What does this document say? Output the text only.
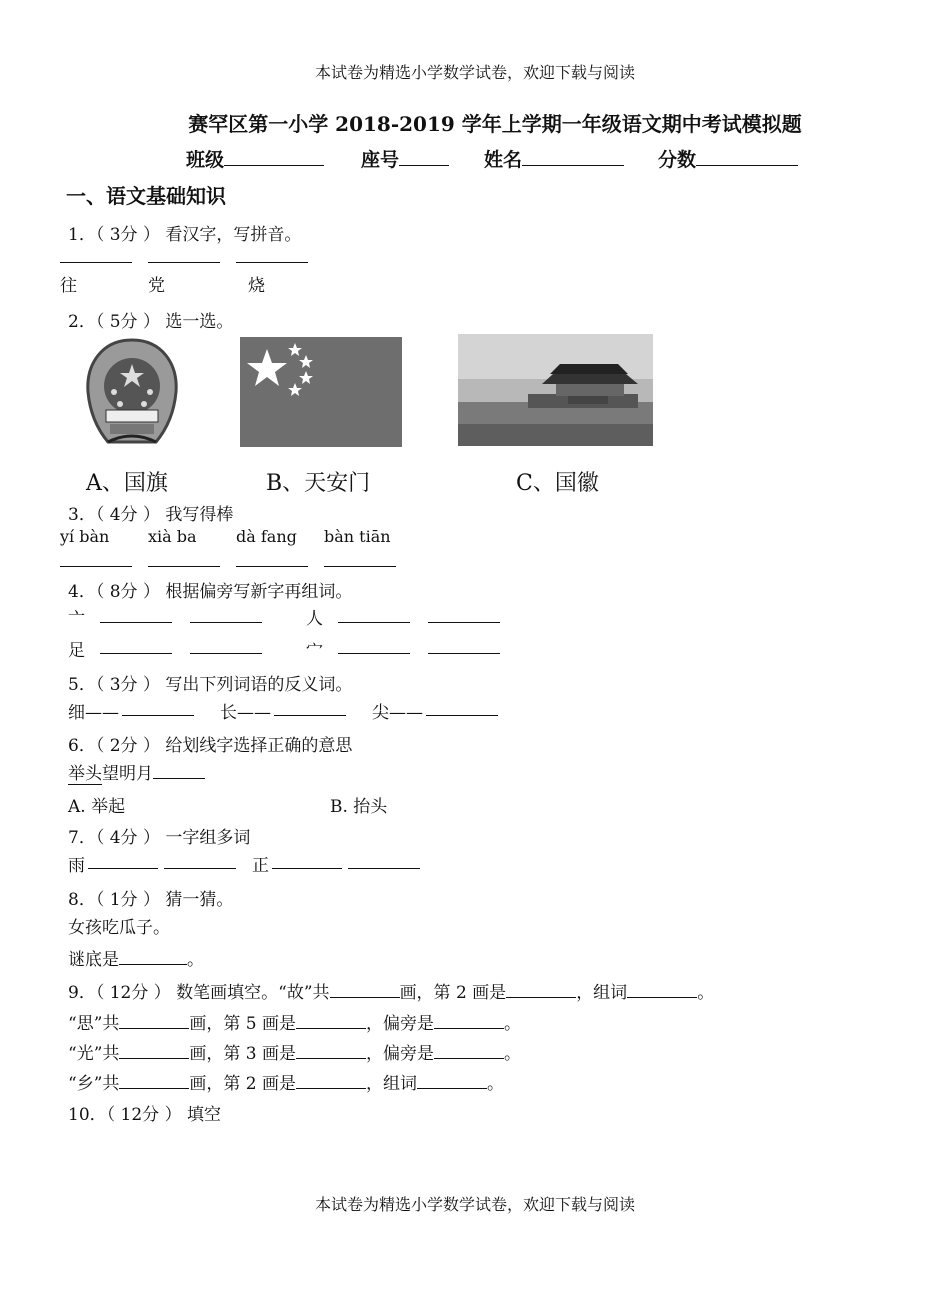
本试卷为精选小学数学试卷，欢迎下载与阅读
赛罕区第一小学 2018-2019 学年上学期一年级语文期中考试模拟题
班级	座号	姓名	分数
一、语文基础知识
1．（ 3分 ） 看汉字，写拼音。
往	党	烧
2．（ 5分 ） 选一选。
A、国旗	B、天安门	C、国徽
3．（ 4分 ） 我写得棒
yí bàn xià ba dà fang bàn tiān
4．（ 8分 ） 根据偏旁写新字再组词。
亠	人
足	宀
5．（ 3分 ） 写出下列词语的反义词。
细——	长——	尖——
6．（ 2分 ） 给划线字选择正确的意思
举头望明月
A. 举起	B. 抬头
7．（ 4分 ） 一字组多词
雨	正
8．（ 1分 ） 猜一猜。
女孩吃瓜子。
谜底是	。
9．（ 12分 ） 数笔画填空。“故”共	画，第 2 画是	，组词	。
“思”共	画，第 5 画是	，偏旁是	。
“光”共	画，第 3 画是	，偏旁是	。
“乡”共	画，第 2 画是	，组词	。
10．（ 12分 ） 填空
本试卷为精选小学数学试卷，欢迎下载与阅读
